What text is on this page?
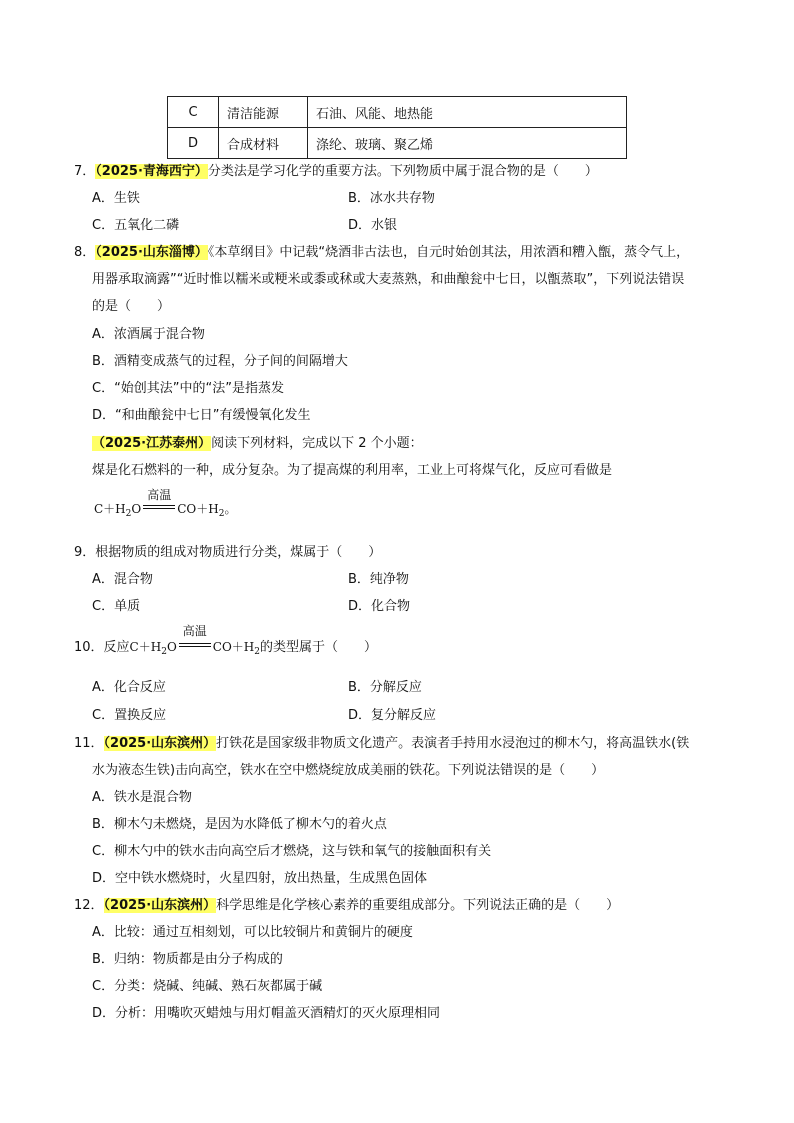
C	清洁能源	石油、风能、地热能
D	合成材料	涤纶、玻璃、聚乙烯
7．（2025·青海西宁）分类法是学习化学的重要方法。下列物质中属于混合物的是（　　）
A．生铁	B．冰水共存物
C．五氧化二磷	D．水银
8．（2025·山东淄博）《本草纲目》中记载“烧酒非古法也，自元时始创其法，用浓酒和糟入甑，蒸令气上，
用器承取滴露”“近时惟以糯米或粳米或黍或秫或大麦蒸熟，和曲酿瓮中七日，以甑蒸取”，下列说法错误
的是（　　）
A．浓酒属于混合物
B．酒精变成蒸气的过程，分子间的间隔增大
C．“始创其法”中的“法”是指蒸发
D．“和曲酿瓮中七日”有缓慢氧化发生
（2025·江苏泰州）阅读下列材料，完成以下 2 个小题：
煤是化石燃料的一种，成分复杂。为了提高煤的利用率，工业上可将煤气化，反应可看做是
$C+H_2O$
高温
$CO+H_2$。
9．根据物质的组成对物质进行分类，煤属于（　　）
A．混合物	B．纯净物
C．单质	D．化合物
10．反应$C+H_2O$
高温
$CO+H_2$的类型属于（　　）
A．化合反应	B．分解反应
C．置换反应	D．复分解反应
11．（2025·山东滨州）打铁花是国家级非物质文化遗产。表演者手持用水浸泡过的柳木勺，将高温铁水(铁
水为液态生铁)击向高空，铁水在空中燃烧绽放成美丽的铁花。下列说法错误的是（　　）
A．铁水是混合物
B．柳木勺未燃烧，是因为水降低了柳木勺的着火点
C．柳木勺中的铁水击向高空后才燃烧，这与铁和氧气的接触面积有关
D．空中铁水燃烧时，火星四射，放出热量，生成黑色固体
12．（2025·山东滨州）科学思维是化学核心素养的重要组成部分。下列说法正确的是（　　）
A．比较：通过互相刻划，可以比较铜片和黄铜片的硬度
B．归纳：物质都是由分子构成的
C．分类：烧碱、纯碱、熟石灰都属于碱
D．分析：用嘴吹灭蜡烛与用灯帽盖灭酒精灯的灭火原理相同
